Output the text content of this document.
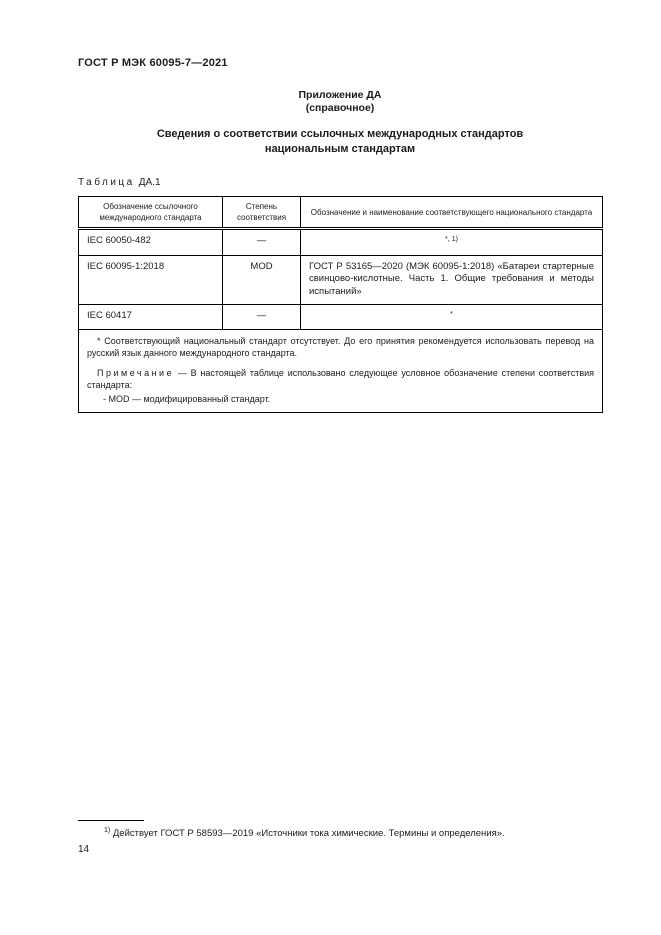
ГОСТ Р МЭК 60095-7—2021
Приложение ДА
(справочное)
Сведения о соответствии ссылочных международных стандартов
национальным стандартам
Таблица ДА.1
Обозначение ссылочного международного стандарта	Степень соответствия	Обозначение и наименование соответствующего национального стандарта
IEC 60050-482	—	$^{*, 1)}$
IEC 60095-1:2018	MOD	ГОСТ Р 53165—2020 (МЭК 60095-1:2018) «Батареи стартерные свинцово-кислотные. Часть 1. Общие требования и методы испытаний»
IEC 60417	—	*

* Соответствующий национальный стандарт отсутствует. До его принятия рекомендуется использовать перевод на русский язык данного международного стандарта.

Примечание — В настоящей таблице использовано следующее условное обозначение степени соответствия стандарта:

- MOD — модифицированный стандарт.		

$^{1)}$ Действует ГОСТ Р 58593—2019 «Источники тока химические. Термины и определения».
14
